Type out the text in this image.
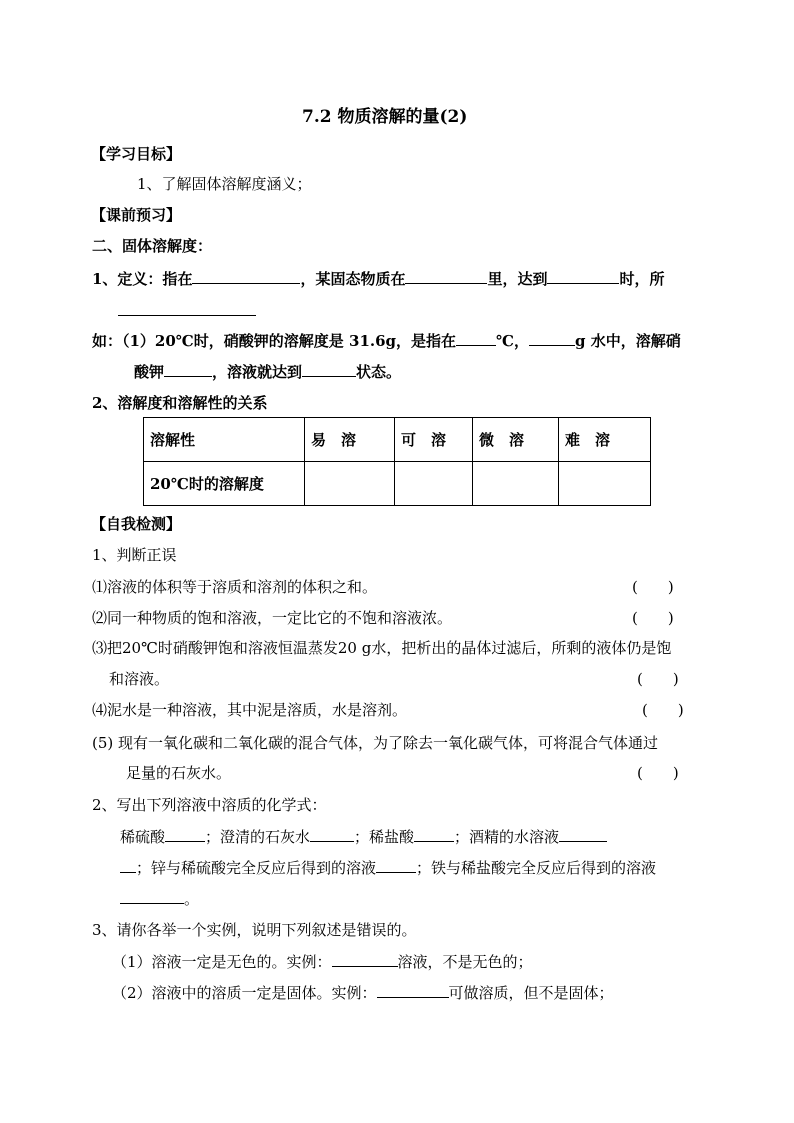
7.2 物质溶解的量(2)
【学习目标】
1、了解固体溶解度涵义；
【课前预习】
二、固体溶解度：
1、定义：指在	，某固态物质在	里，达到	时，所
如：（1）20℃时，硝酸钾的溶解度是 31.6g，是指在	℃，	g 水中，溶解硝
酸钾	，溶液就达到	状态。
2、溶解度和溶解性的关系
溶解性	易　溶	可　溶	微　溶	难　溶
20℃时的溶解度				
【自我检测】
1、判断正误
⑴溶液的体积等于溶质和溶剂的体积之和。	(　　)
⑵同一种物质的饱和溶液，一定比它的不饱和溶液浓。	(　　)
⑶把20℃时硝酸钾饱和溶液恒温蒸发20 g水，把析出的晶体过滤后，所剩的液体仍是饱
和溶液。	(　　)
⑷泥水是一种溶液，其中泥是溶质，水是溶剂。	(　　)
(5) 现有一氧化碳和二氧化碳的混合气体，为了除去一氧化碳气体，可将混合气体通过
足量的石灰水。	(　　)
2、写出下列溶液中溶质的化学式：
稀硫酸	；澄清的石灰水	；稀盐酸	；酒精的水溶液
；锌与稀硫酸完全反应后得到的溶液	；铁与稀盐酸完全反应后得到的溶液
。
3、请你各举一个实例，说明下列叙述是错误的。
（1）溶液一定是无色的。实例：	溶液，不是无色的；
（2）溶液中的溶质一定是固体。实例：	可做溶质，但不是固体；
